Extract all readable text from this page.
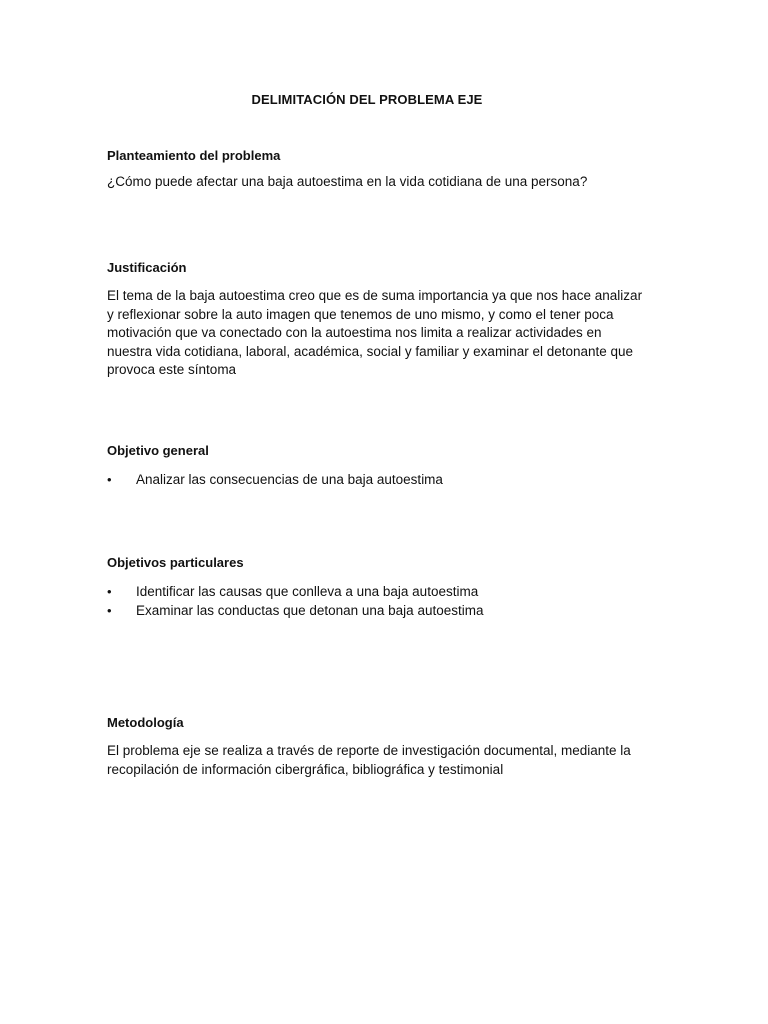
DELIMITACIÓN DEL PROBLEMA EJE

Planteamiento del problema

¿Cómo puede afectar una baja autoestima en la vida cotidiana de una persona?

Justificación

El tema de la baja autoestima creo que es de suma importancia ya que nos hace analizar

y reflexionar sobre la auto imagen que tenemos de uno mismo, y como el tener poca

motivación que va conectado con la autoestima nos limita a realizar actividades en

nuestra vida cotidiana, laboral, académica, social y familiar y examinar el detonante que

provoca este síntoma

Objetivo general

• Analizar las consecuencias de una baja autoestima

Objetivos particulares

• Identificar las causas que conlleva a una baja autoestima
• Examinar las conductas que detonan una baja autoestima

Metodología

El problema eje se realiza a través de reporte de investigación documental, mediante la

recopilación de información cibergráfica, bibliográfica y testimonial
